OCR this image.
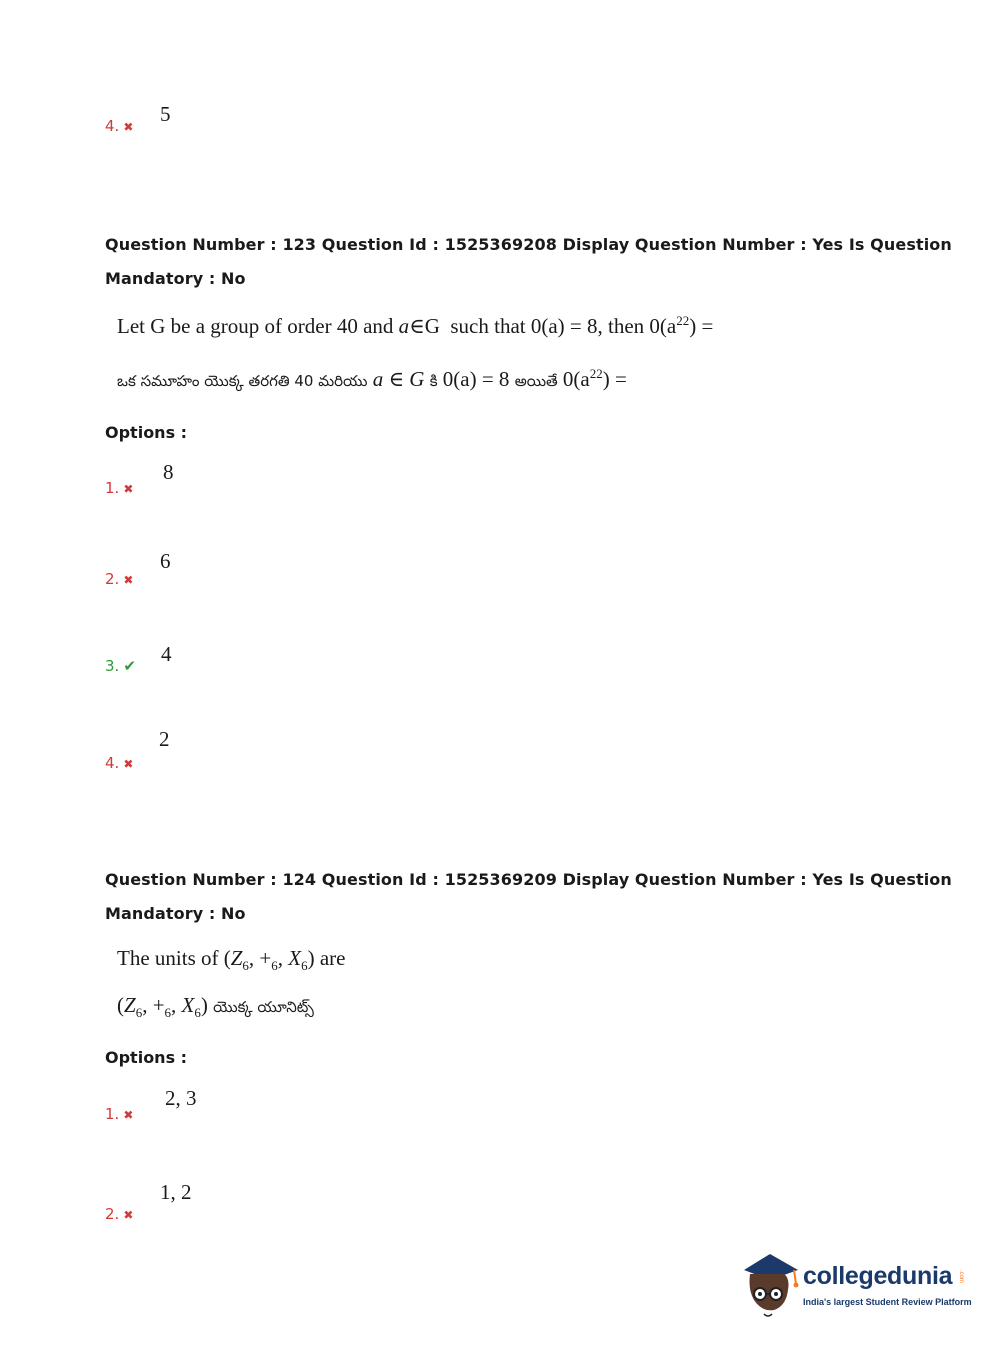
4. ✖
5
Question Number : 123 Question Id : 1525369208 Display Question Number : Yes Is Question
Mandatory : No
Let G be a group of order 40 and a∈G such that 0(a) = 8, then $0(a^{22})$ =
ఒక సమూహం యొక్క తరగతి 40 మరియు a ∈ G కి 0(a) = 8 అయితే $0(a^{22})$ =
Options :
1. ✖
8
2. ✖
6
3. ✔ 4
4. ✖
2
Question Number : 124 Question Id : 1525369209 Display Question Number : Yes Is Question
Mandatory : No
The units of ($Z_6$, $+_6$, $X_6$) are
($Z_6$, $+_6$, $X_6$) యొక్క యూనిట్స్
Options :
1. ✖
2, 3
2. ✖
1, 2
collegedunia .com
India's largest Student Review Platform
